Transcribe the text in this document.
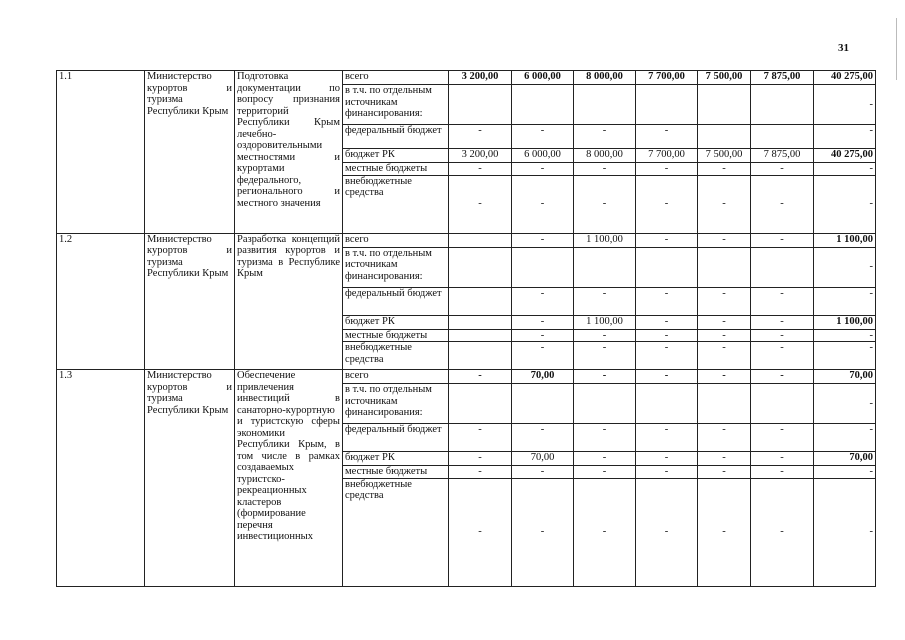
31
1.1	Министерство курортов и туризма Республики Крым	Подготовка документации по вопросу признания территорий Республики Крым лечебно-оздоровительными местностями и курортами федерального, регионального и местного значения	всего	3 200,00	6 000,00	8 000,00	7 700,00	7 500,00	7 875,00	40 275,00
			в т.ч. по отдельным источникам финансирования:							-
			федеральный бюджет	-	-	-	-			-
			бюджет РК	3 200,00	6 000,00	8 000,00	7 700,00	7 500,00	7 875,00	40 275,00
			местные бюджеты	-	-	-	-	-	-	-
			внебюджетные средства	-	-	-	-	-	-	-
1.2	Министерство курортов и туризма Республики Крым	Разработка концепций развития курортов и туризма в Республике Крым	всего		-	1 100,00	-	-	-	1 100,00
			в т.ч. по отдельным источникам финансирования:							-
			федеральный бюджет		-	-	-	-	-	-
			бюджет РК		-	1 100,00	-	-	-	1 100,00
			местные бюджеты		-	-	-	-	-	-
			внебюджетные средства		-	-	-	-	-	-
1.3	Министерство курортов и туризма Республики Крым	Обеспечение привлечения инвестиций в санаторно-курортную и туристскую сферы экономики Республики Крым, в том числе в рамках создаваемых туристско-рекреационных кластеров (формирование перечня инвестиционных	всего	-	70,00	-	-	-	-	70,00
			в т.ч. по отдельным источникам финансирования:							-
			федеральный бюджет	-	-	-	-	-	-	-
			бюджет РК	-	70,00	-	-	-	-	70,00
			местные бюджеты	-	-	-	-	-	-	-
			внебюджетные средства	-	-	-	-	-	-	-
